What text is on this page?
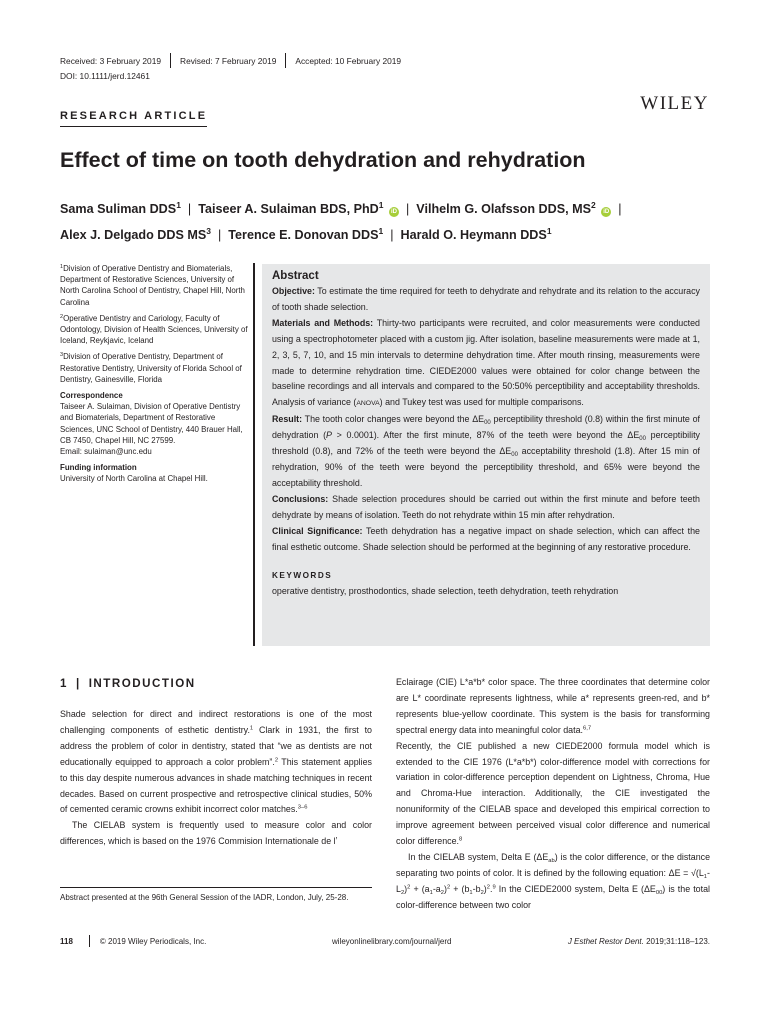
Received: 3 February 2019 Revised: 7 February 2019 Accepted: 10 February 2019
DOI: 10.1111/jerd.12461
WILEY
RESEARCH ARTICLE
Effect of time on tooth dehydration and rehydration
Sama Suliman DDS$^1$ | Taiseer A. Sulaiman BDS, PhD$^1$ iD | Vilhelm G. Olafsson DDS, $MS^2$ iD |
Alex J. Delgado DDS $MS^3$ | Terence E. Donovan DDS$^1$ | Harald O. Heymann DDS$^1$

$^1$Division of Operative Dentistry and Biomaterials, Department of Restorative Sciences, University of North Carolina School of Dentistry, Chapel Hill, North Carolina

$^2$Operative Dentistry and Cariology, Faculty of Odontology, Division of Health Sciences, University of Iceland, Reykjavic, Iceland

$^3$Division of Operative Dentistry, Department of Restorative Dentistry, University of Florida School of Dentistry, Gainesville, Florida

Correspondence

Taiseer A. Sulaiman, Division of Operative Dentistry and Biomaterials, Department of Restorative Sciences, UNC School of Dentistry, 440 Brauer Hall, CB 7450, Chapel Hill, NC 27599.

Email: sulaiman@unc.edu

Funding information

University of North Carolina at Chapel Hill.

Abstract

Objective: To estimate the time required for teeth to dehydrate and rehydrate and its relation to the accuracy of tooth shade selection.

Materials and Methods: Thirty-two participants were recruited, and color measurements were conducted using a spectrophotometer placed with a custom jig. After isolation, baseline measurements were made at 1, 2, 3, 5, 7, 10, and 15 min intervals to determine dehydration time. After mouth rinsing, measurements were made to determine rehydration time. CIEDE2000 values were obtained for color change between the baseline recordings and all intervals and compared to the 50:50% perceptibility and acceptability thresholds. Analysis of variance (ANOVA) and Tukey test was used for multiple comparisons.

Result: The tooth color changes were beyond the $\Delta E_{00}$ perceptibility threshold (0.8) within the first minute of dehydration (P > 0.0001). After the first minute, 87% of the teeth were beyond the $\Delta E_{00}$ perceptibility threshold (0.8), and 72% of the teeth were beyond the $\Delta E_{00}$ acceptability threshold (1.8). After 15 min of rehydration, 90% of the teeth were beyond the perceptibility threshold, and 65% were beyond the acceptability threshold.

Conclusions: Shade selection procedures should be carried out within the first minute and before teeth dehydrate by means of isolation. Teeth do not rehydrate within 15 min after rehydration.

Clinical Significance: Teeth dehydration has a negative impact on shade selection, which can affect the final esthetic outcome. Shade selection should be performed at the beginning of any restorative procedure.

KEYWORDS
operative dentistry, prosthodontics, shade selection, teeth dehydration, teeth rehydration
1 | INTRODUCTION

Shade selection for direct and indirect restorations is one of the most challenging components of esthetic dentistry.$^1$ Clark in 1931, the first to address the problem of color in dentistry, stated that “we as dentists are not educationally equipped to approach a color problem”.$^2$ This statement applies to this day despite numerous advances in shade matching techniques in recent decades. Based on current prospective and retrospective clinical studies, 50% of cemented ceramic crowns exhibit incorrect color matches.$^{3-6}$

The CIELAB system is frequently used to measure color and color differences, which is based on the 1976 Commision Internationale de lʼ

Abstract presented at the 96th General Session of the IADR, London, July, 25-28.

Eclairage (CIE) L*a*b* color space. The three coordinates that determine color are L* coordinate represents lightness, while a* represents green-red, and b* represents blue-yellow coordinate. This system is the basis for transforming spectral energy data into meaningful color data.$^{6,7}$

Recently, the CIE published a new CIEDE2000 formula model which is extended to the CIE 1976 (L*a*b*) color-difference model with corrections for variation in color-difference perception dependent on Lightness, Chroma, Hue and Chroma-Hue interaction. Additionally, the CIE investigated the nonuniformity of the CIELAB space and developed this empirical correction to improve agreement between perceived visual color difference and numerical color difference.$^8$

In the CIELAB system, Delta E $(\Delta E_{ab})$ is the color difference, or the distance separating two points of color. It is defined by the following equation: $\Delta E = √(L_1-L_2)^2 + (a_1-a_2)^2 + (b_1-b_2)^2.^9$ In the CIEDE2000 system, Delta E $(\Delta E_{00})$ is the total color-difference between two color

118	© 2019 Wiley Periodicals, Inc.	wileyonlinelibrary.com/journal/jerd	J Esthet Restor Dent. 2019;31:118–123.
